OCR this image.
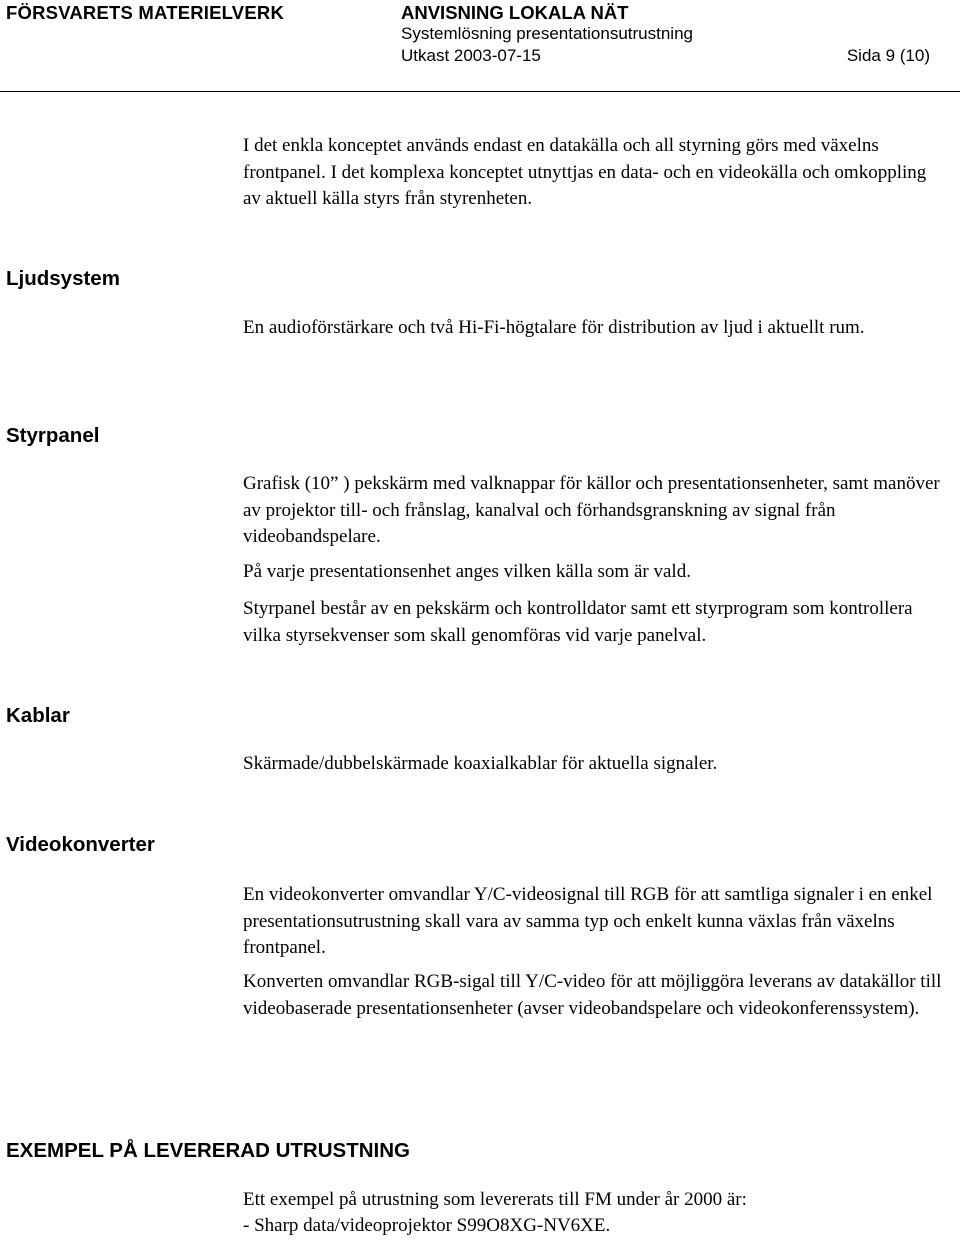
FÖRSVARETS MATERIELVERK	ANVISNING LOKALA NÄT
Systemlösning presentationsutrustning
Utkast 2003-07-15	Sida 9 (10)

I det enkla konceptet används endast en datakälla och all styrning görs med växelns frontpanel. I det komplexa konceptet utnyttjas en data- och en videokälla och omkoppling av aktuell källa styrs från styrenheten.

Ljudsystem

En audioförstärkare och två Hi-Fi-högtalare för distribution av ljud i aktuellt rum.

Styrpanel

Grafisk (10” ) pekskärm med valknappar för källor och presentationsenheter, samt manöver av projektor till- och frånslag, kanalval och förhandsgranskning av signal från videobandspelare.

På varje presentationsenhet anges vilken källa som är vald.

Styrpanel består av en pekskärm och kontrolldator samt ett styrprogram som kontrollera vilka styrsekvenser som skall genomföras vid varje panelval.

Kablar

Skärmade/dubbelskärmade koaxialkablar för aktuella signaler.

Videokonverter

En videokonverter omvandlar Y/C-videosignal till RGB för att samtliga signaler i en enkel presentationsutrustning skall vara av samma typ och enkelt kunna växlas från växelns frontpanel.

Konverten omvandlar RGB-sigal till Y/C-video för att möjliggöra leverans av datakällor till videobaserade presentationsenheter (avser videobandspelare och videokonferenssystem).

EXEMPEL PÅ LEVERERAD UTRUSTNING

Ett exempel på utrustning som levererats till FM under år 2000 är:

- Sharp data/videoprojektor S99O8XG-NV6XE.
